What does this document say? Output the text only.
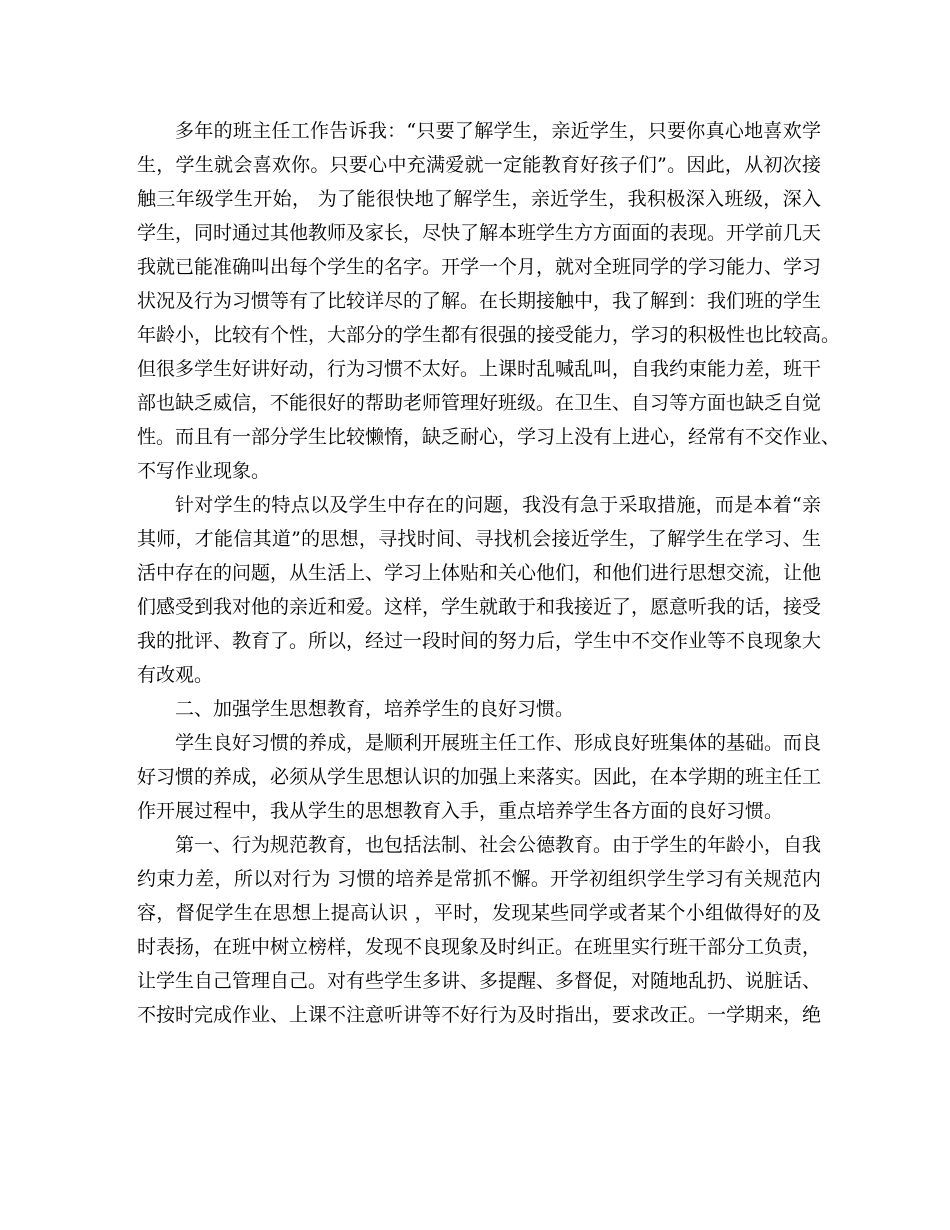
多年的班主任工作告诉我：“只要了解学生，亲近学生，只要你真心地喜欢学
生，学生就会喜欢你。只要心中充满爱就一定能教育好孩子们”。因此，从初次接
触三年级学生开始， 为了能很快地了解学生，亲近学生，我积极深入班级，深入
学生，同时通过其他教师及家长，尽快了解本班学生方方面面的表现。开学前几天
我就已能准确叫出每个学生的名字。开学一个月，就对全班同学的学习能力、学习
状况及行为习惯等有了比较详尽的了解。在长期接触中，我了解到：我们班的学生
年龄小，比较有个性，大部分的学生都有很强的接受能力，学习的积极性也比较高。
但很多学生好讲好动，行为习惯不太好。上课时乱喊乱叫，自我约束能力差，班干
部也缺乏威信，不能很好的帮助老师管理好班级。在卫生、自习等方面也缺乏自觉
性。而且有一部分学生比较懒惰，缺乏耐心，学习上没有上进心，经常有不交作业、
不写作业现象。
针对学生的特点以及学生中存在的问题，我没有急于采取措施，而是本着“亲
其师，才能信其道”的思想，寻找时间、寻找机会接近学生，了解学生在学习、生
活中存在的问题，从生活上、学习上体贴和关心他们，和他们进行思想交流，让他
们感受到我对他的亲近和爱。这样，学生就敢于和我接近了，愿意听我的话，接受
我的批评、教育了。所以，经过一段时间的努力后，学生中不交作业等不良现象大
有改观。
二、加强学生思想教育，培养学生的良好习惯。
学生良好习惯的养成，是顺利开展班主任工作、形成良好班集体的基础。而良
好习惯的养成，必须从学生思想认识的加强上来落实。因此，在本学期的班主任工
作开展过程中，我从学生的思想教育入手，重点培养学生各方面的良好习惯。
第一、行为规范教育，也包括法制、社会公德教育。由于学生的年龄小，自我
约束力差，所以对行为 习惯的培养是常抓不懈。开学初组织学生学习有关规范内
容，督促学生在思想上提高认识 ，平时，发现某些同学或者某个小组做得好的及
时表扬，在班中树立榜样，发现不良现象及时纠正。在班里实行班干部分工负责，
让学生自己管理自己。对有些学生多讲、多提醒、多督促，对随地乱扔、说脏话、
不按时完成作业、上课不注意听讲等不好行为及时指出，要求改正。一学期来，绝
